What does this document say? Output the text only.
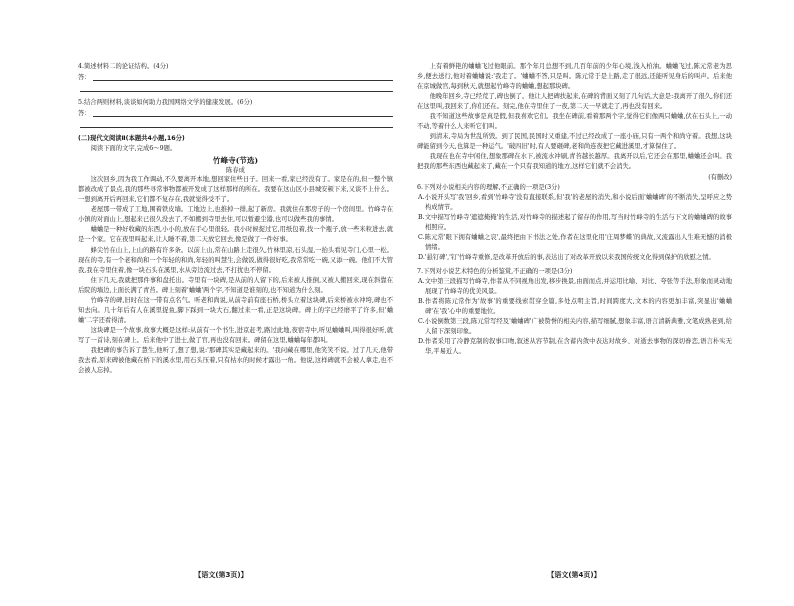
4.简述材料二的论证结构。(4分)

答：

5.结合两则材料,谈谈如何助力我国网络文学的健康发展。(6分)

答：

(二)现代文阅读Ⅱ(本题共4小题,16分)

阅读下面的文字,完成6～9题。

竹峰寺(节选)

陈春成

这次回乡,因为我工作调动,不久要离开本地,想回家住些日子。回来一看,家已经没有了。家是在的,但一整个镇都被改成了景点,我的那些寻常事物都被开发成了这样那样的所在。我要在这山区小县城安顿下来,又谈不上什么。一想到离开后再回来,它们都不复存在,我就觉得受不了。

老屋那一带成了工地,围着铁皮墙。工地边上,也推掉一排,起了新房。我就住在那房子的一个房间里。竹峰寺在小镇的对面山上,想起来已很久没去了,不如搬到寺里去住,可以暂避尘嚣,也可以做些我的事情。

蛐蛐是一种好收藏的东西,小小的,放在手心里很轻。我小时候捉过它,用纸包着,找一个瓶子,放一些米粒进去,就是一个家。它在夜里叫起来,让人睡不着,第二天放它回去,像是做了一件好事。

蜂尖竹在山上,上山的路有许多条。以前上山,常在山路上走很久,竹林里凉,石头湿,一抬头看见寺门,心里一松。现在的寺,有一个老和尚和一个年轻的和尚,年轻的叫慧生,会做饭,做得很好吃,我常常吃一碗,又添一碗。他们不大管我,我在寺里住着,像一块石头在溪里,水从旁边流过去,不打扰也不停留。

住下几天,我就把那件事和盘托出。寺里有一块碑,是从前的人留下的,后来被人推倒,又被人搬回来,现在斜靠在后院的墙边,上面长满了青苔。碑上刻着'蛐蛐'两个字,不知道是谁刻的,也不知道为什么刻。

竹峰寺的碑,旧时在这一带有点名气。听老和尚说,从前寺前有座石桥,桥头立着这块碑,后来桥被水冲垮,碑也不知去向。几十年后有人在溪里捉鱼,脚下踩到一块大石,翻过来一看,正是这块碑。碑上的字已经磨平了许多,但'蛐蛐'二字还看得清。

这块碑是一个故事,故事大概是这样:从前有一个书生,进京赶考,路过此地,夜宿寺中,听见蛐蛐叫,叫得很好听,就写了一首诗,刻在碑上。后来他中了进士,做了官,再也没有回来。碑留在这里,蛐蛐每年都叫。

我把碑的事告诉了慧生,他听了,想了想,说:'那碑其实是藏起来的。'我问藏在哪里,他笑笑不说。过了几天,他带我去看,原来碑被他藏在桥下的溪水里,用石头压着,只有枯水的时候才露出一角。他说,这样碑就不会被人拿走,也不会被人忘掉。

上有着鲜艳的蛐蛐飞过他眼前。那个年月总想不到,几百年前的少年心境,浅入柏油。蛐蛐飞过,陈元常老为思乡,便去送行,他对着蛐蛐说:'我走了。'蛐蛐不答,只是叫。陈元常于是上路,走了很远,还能听见身后的叫声。后来他在京城做官,每到秋天,就想起竹峰寺的蛐蛐,想起那块碑。

他晚年回乡,寺已经荒了,碑也倒了。他让人把碑扶起来,在碑的背面又刻了几句话,大意是:我离开了很久,你们还在这里叫,我回来了,你们还在。刻完,他在寺里住了一夜,第二天一早就走了,再也没有回来。

我不知道这些故事是真是假,但我喜欢它们。我坐在碑前,看着那两个字,觉得它们像两只蛐蛐,伏在石头上,一动不动,等着什么人来听它们叫。

到清末,寺局为世乱所毁。到了民国,民国时又重建,不过已经改成了一座小庙,只有一两个和尚守着。我想,这块碑能留到今天,也算是一种运气。'破四旧'时,有人要砸碑,老和尚连夜把它藏进溪里,才算保住了。

我现在也在寺中闲住,想象那碑在水下,被流水冲刷,青苔越长越厚。我离开以后,它还会在那里,蛐蛐还会叫。我把我的那些东西也藏起来了,藏在一个只有我知道的地方,这样它们就不会消失。

(有删改)

6.下列对小说相关内容的理解,不正确的一项是(3分)

A.小说开头写'我'回乡,看到'竹峰寺'没有直接联系,但'我'的老屋的消失,和小说后面'蛐蛐碑'的不断消失,呈呼应之势构成情节。

B.文中描写竹峰寺'遮遮掩掩'的生活,对竹峰寺的描述起了留存的作用,写当时竹峰寺的生活与下文的蛐蛐碑的故事相照应。

C.陈元常'眼下拥有蛐蛐之哀',最终把由下书法之处,作者在这里化用'庄周梦蝶'的典故,又流露出人生难无憾的消极情绪。

D.'悬钉碑','钉'竹峰寺重修,是改革开放后的事,表达出了对改革开放以来我国传统文化得到保护的欣慰之情。

7.下列对小说艺术特色的分析鉴赏,不正确的一项是(3分)

A.文中第三段描写竹峰寺,作者从不同视角出发,移步换景,由面而点,并运用比喻、对比、夸张等手法,形象而灵动地展现了竹峰寺的优美风景。

B.作者将陈元常作为'故事'的重要线索贯穿全篇,多处点明主旨,时间跨度大,文本的内容更加丰富,突显出'蛐蛐碑'在'我'心中的重要地位。

C.小说倒数第三段,陈元常写经及'蛐蛐碑'广被赞誉的相关内容,描写细腻,想象丰富,语言清新典雅,文笔成熟老到,给人留下深刻印象。

D.作者采用了冷静克制的叙事口吻,叙述从容节制,在含蓄内敛中表达对故乡、对逝去事物的深切眷恋,语言朴实无华,平易近人。

【语文(第3页)】	【语文(第4页)】
